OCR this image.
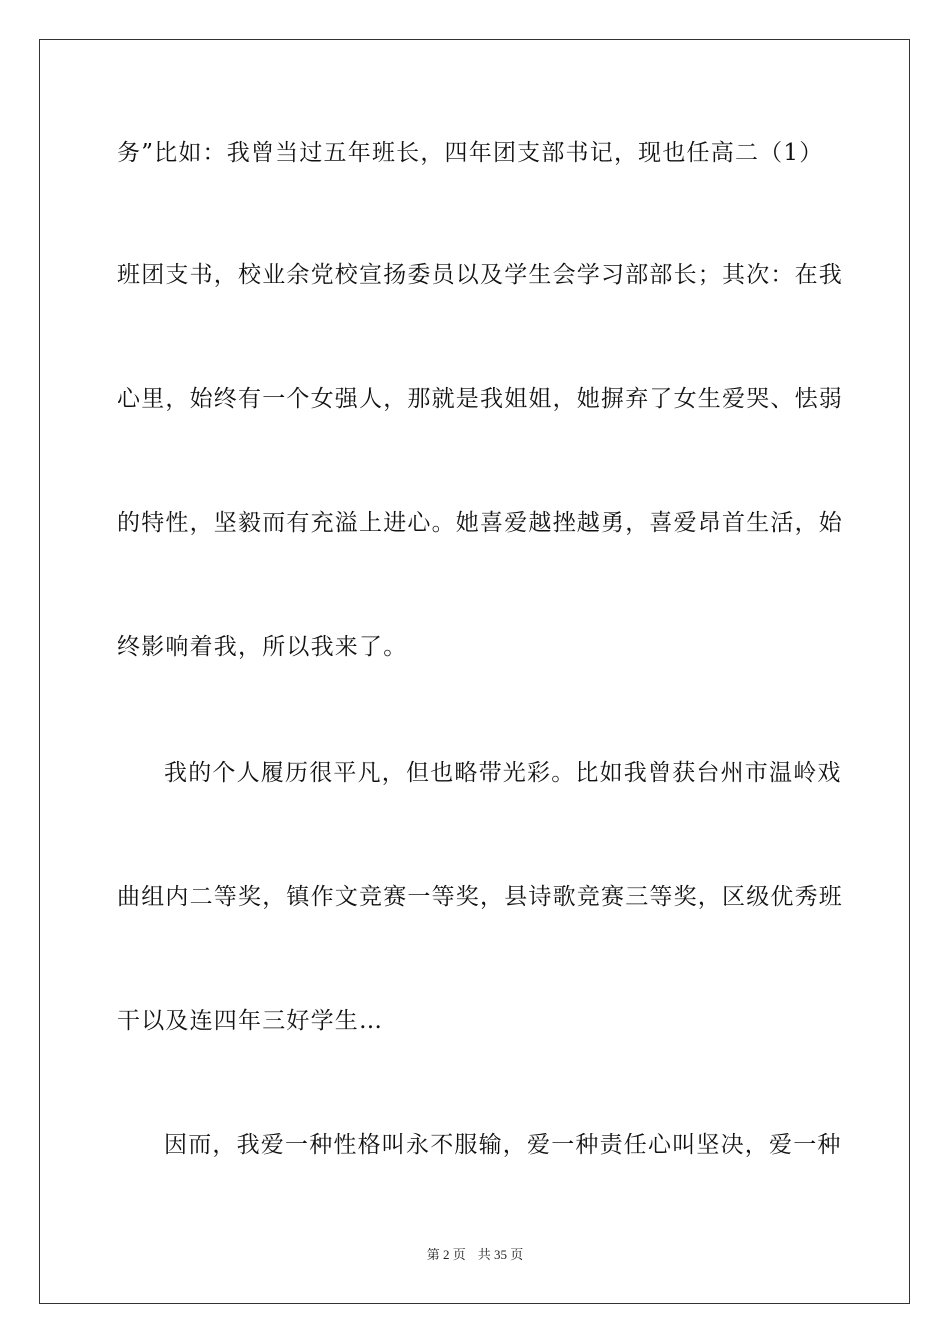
务”比如：我曾当过五年班长，四年团支部书记，现也任高二（1）
班团支书，校业余党校宣扬委员以及学生会学习部部长；其次：在我
心里，始终有一个女强人，那就是我姐姐，她摒弃了女生爱哭、怯弱
的特性，坚毅而有充溢上进心。她喜爱越挫越勇，喜爱昂首生活，始
终影响着我，所以我来了。
我的个人履历很平凡，但也略带光彩。比如我曾获台州市温岭戏
曲组内二等奖，镇作文竞赛一等奖，县诗歌竞赛三等奖，区级优秀班
干以及连四年三好学生…
因而，我爱一种性格叫永不服输，爱一种责任心叫坚决，爱一种
第 2 页 共 35 页
